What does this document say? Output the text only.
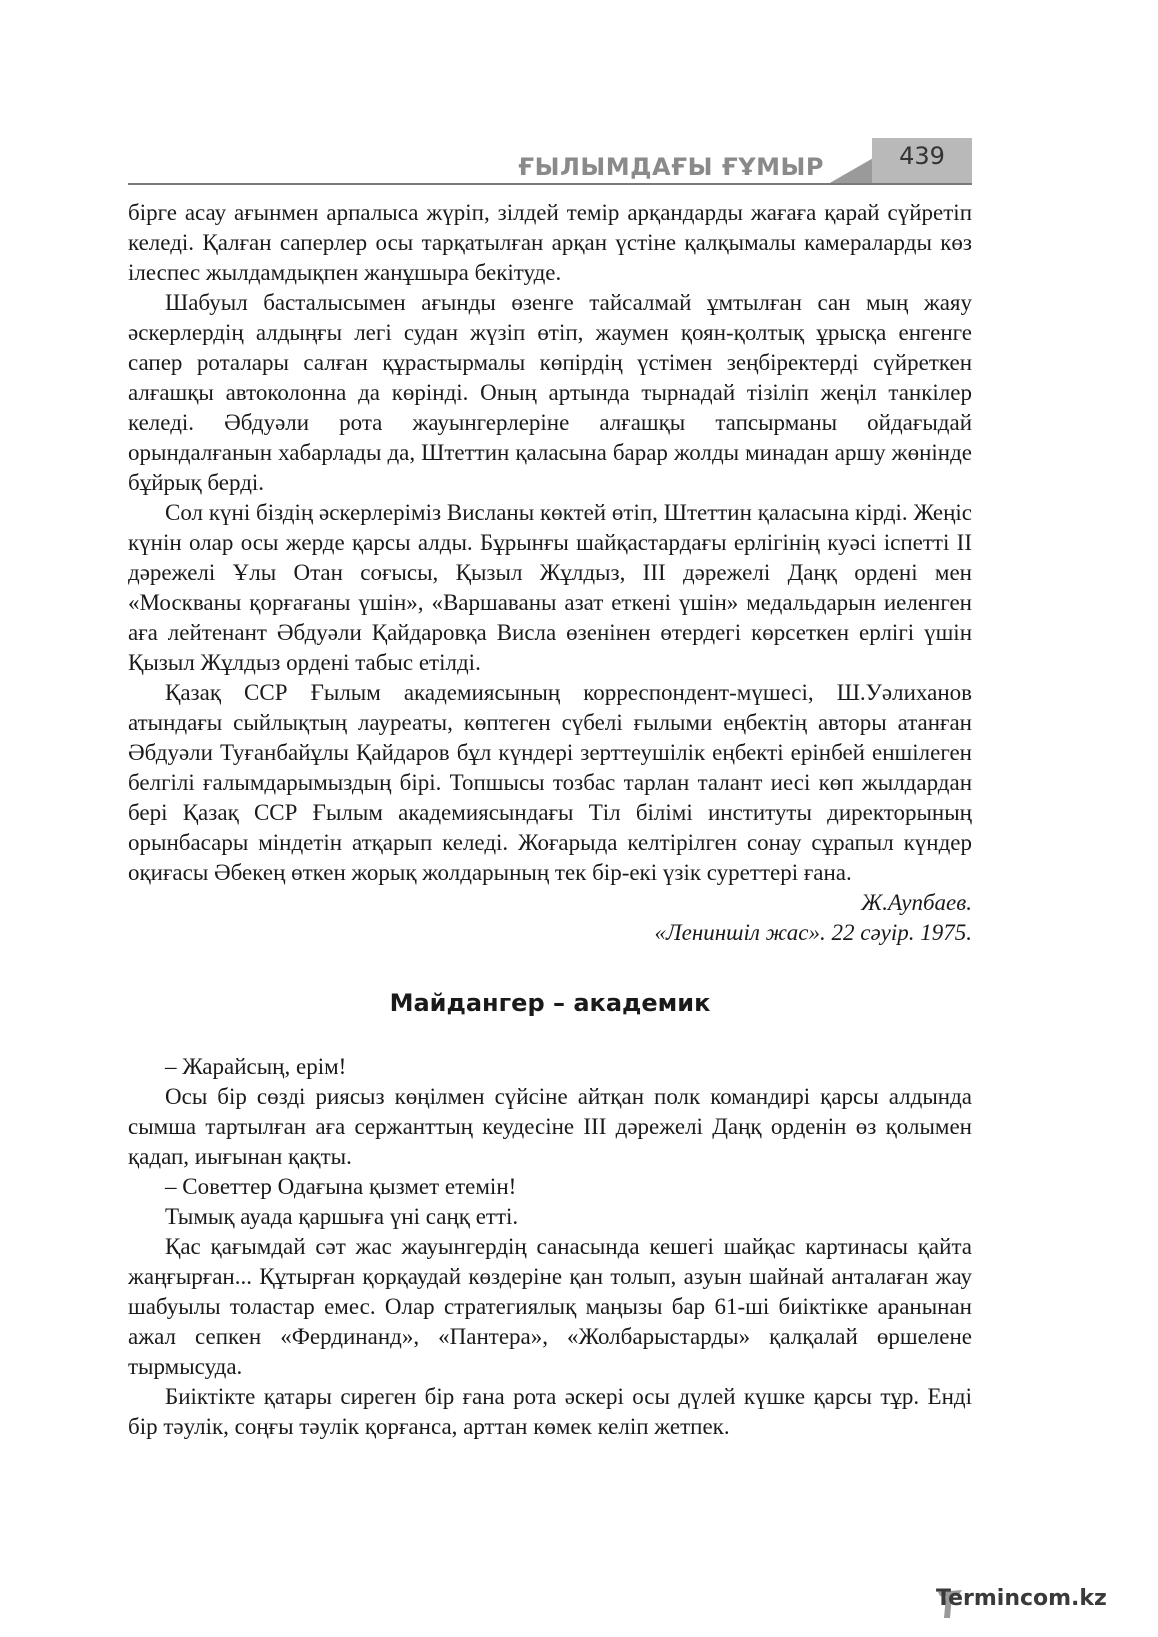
ҒЫЛЫМДАҒЫ ҒҰМЫР	439

бірге асау ағынмен арпалыса жүріп, зілдей темір арқандарды жағаға қарай сүйретіп келеді. Қалған саперлер осы тарқатылған арқан үстіне қалқымалы камераларды көз ілеспес жылдамдықпен жанұшыра бекітуде.

Шабуыл басталысымен ағынды өзенге тайсалмай ұмтылған сан мың жаяу әскерлердің алдыңғы легі судан жүзіп өтіп, жаумен қоян-қолтық ұрысқа енгенге сапер роталары салған құрастырмалы көпірдің үстімен зеңбіректерді сүйреткен алғашқы автоколонна да көрінді. Оның артында тырнадай тізіліп жеңіл танкілер келеді. Әбдуәли рота жауынгерлеріне алғашқы тапсырманы ойдағыдай орындалғанын хабарлады да, Штеттин қаласына барар жолды минадан аршу жөнінде бұйрық берді.

Сол күні біздің әскерлеріміз Висланы көктей өтіп, Штеттин қаласына кірді. Жеңіс күнін олар осы жерде қарсы алды. Бұрынғы шайқастардағы ерлігінің куәсі іспетті ІІ дәрежелі Ұлы Отан соғысы, Қызыл Жұлдыз, ІІІ дәрежелі Даңқ ордені мен «Москваны қорғағаны үшін», «Варшаваны азат еткені үшін» медальдарын иеленген аға лейтенант Әбдуәли Қайдаровқа Висла өзенінен өтердегі көрсеткен ерлігі үшін Қызыл Жұлдыз ордені табыс етілді.

Қазақ ССР Ғылым академиясының корреспондент-мүшесі, Ш.Уәлиханов атындағы сыйлықтың лауреаты, көптеген сүбелі ғылыми еңбектің авторы атанған Әбдуәли Туғанбайұлы Қайдаров бұл күндері зерттеушілік еңбекті ерінбей еншілеген белгілі ғалымдарымыздың бірі. Топшысы тозбас тарлан талант иесі көп жылдардан бері Қазақ ССР Ғылым академиясындағы Тіл білімі институты директорының орынбасары міндетін атқарып келеді. Жоғарыда келтірілген сонау сұрапыл күндер оқиғасы Әбекең өткен жорық жолдарының тек бір-екі үзік суреттері ғана.

Ж.Аупбаев.
«Лениншіл жас». 22 сәуір. 1975.
Майдангер – академик

– Жарайсың, ерім!

Осы бір сөзді риясыз көңілмен сүйсіне айтқан полк командирі қарсы алдында сымша тартылған аға сержанттың кеудесіне ІІІ дәрежелі Даңқ орденін өз қолымен қадап, иығынан қақты.

– Советтер Одағына қызмет етемін!

Тымық ауада қаршыға үні саңқ етті.

Қас қағымдай сәт жас жауынгердің санасында кешегі шайқас картинасы қайта жаңғырған... Құтырған қорқаудай көздеріне қан толып, азуын шайнай анталаған жау шабуылы толастар емес. Олар стратегиялық маңызы бар 61-ші биіктікке аранынан ажал сепкен «Фердинанд», «Пантера», «Жолбарыстарды» қалқалай өршелене тырмысуда.

Биіктікте қатары сиреген бір ғана рота әскері осы дүлей күшке қарсы тұр. Енді бір тәулік, соңғы тәулік қорғанса, арттан көмек келіп жетпек.

Termincom.kz
